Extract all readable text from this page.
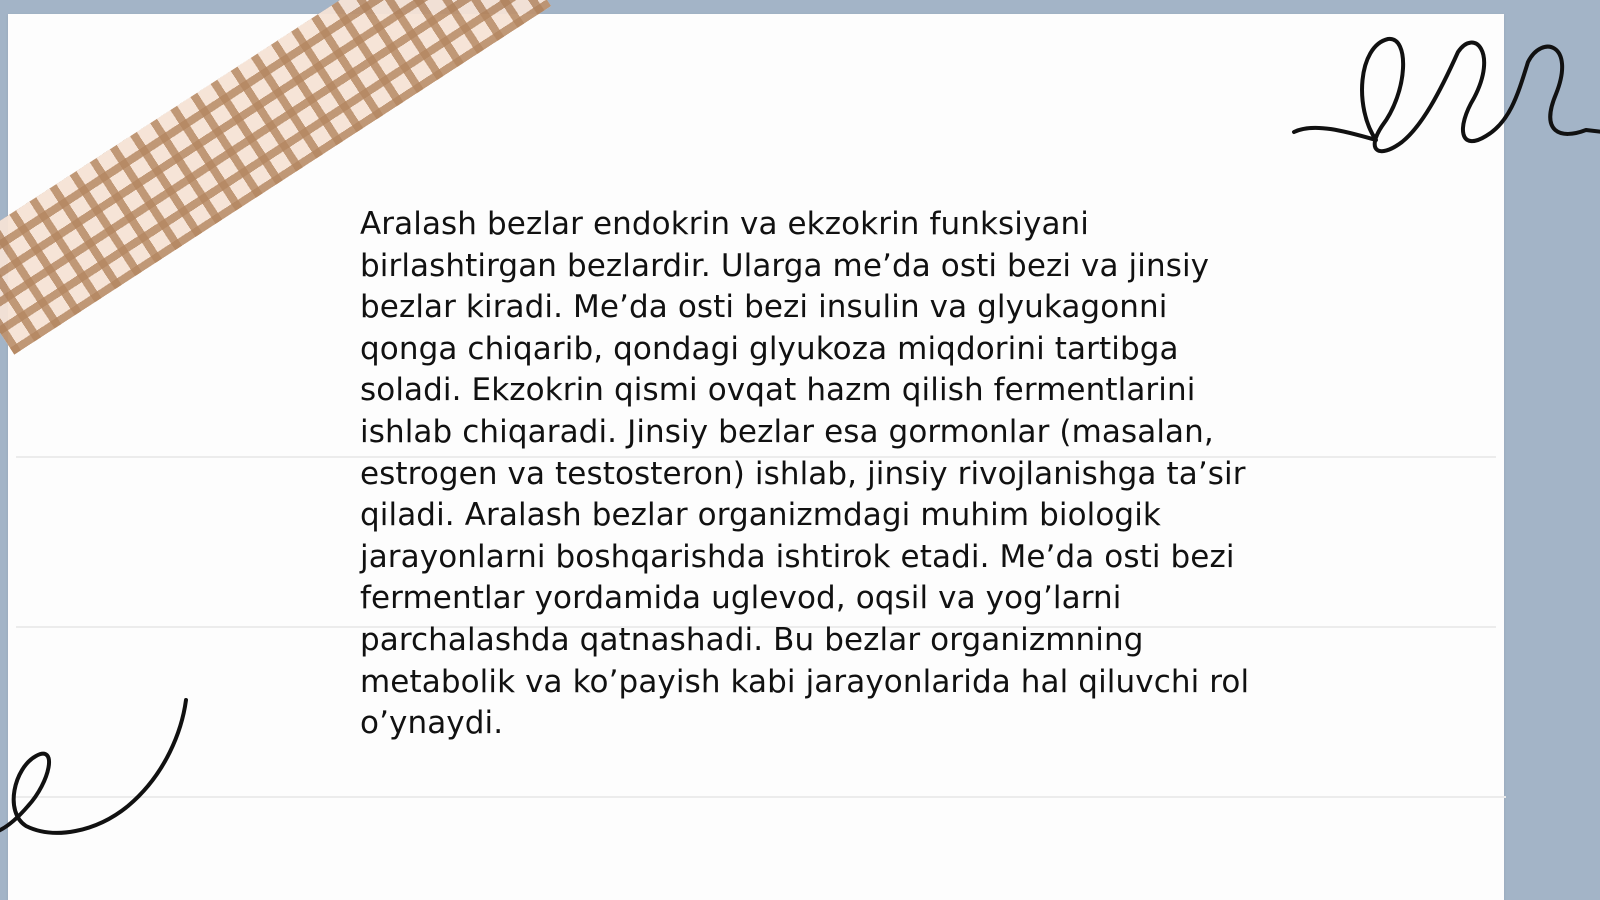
Aralash bezlar endokrin va ekzokrin funksiyani birlashtirgan bezlardir. Ularga me’da osti bezi va jinsiy bezlar kiradi. Me’da osti bezi insulin va glyukagonni qonga chiqarib, qondagi glyukoza miqdorini tartibga soladi. Ekzokrin qismi ovqat hazm qilish fermentlarini ishlab chiqaradi. Jinsiy bezlar esa gormonlar (masalan, estrogen va testosteron) ishlab, jinsiy rivojlanishga ta’sir qiladi. Aralash bezlar organizmdagi muhim biologik jarayonlarni boshqarishda ishtirok etadi. Me’da osti bezi fermentlar yordamida uglevod, oqsil va yog’larni parchalashda qatnashadi. Bu bezlar organizmning metabolik va ko’payish kabi jarayonlarida hal qiluvchi rol o’ynaydi.
